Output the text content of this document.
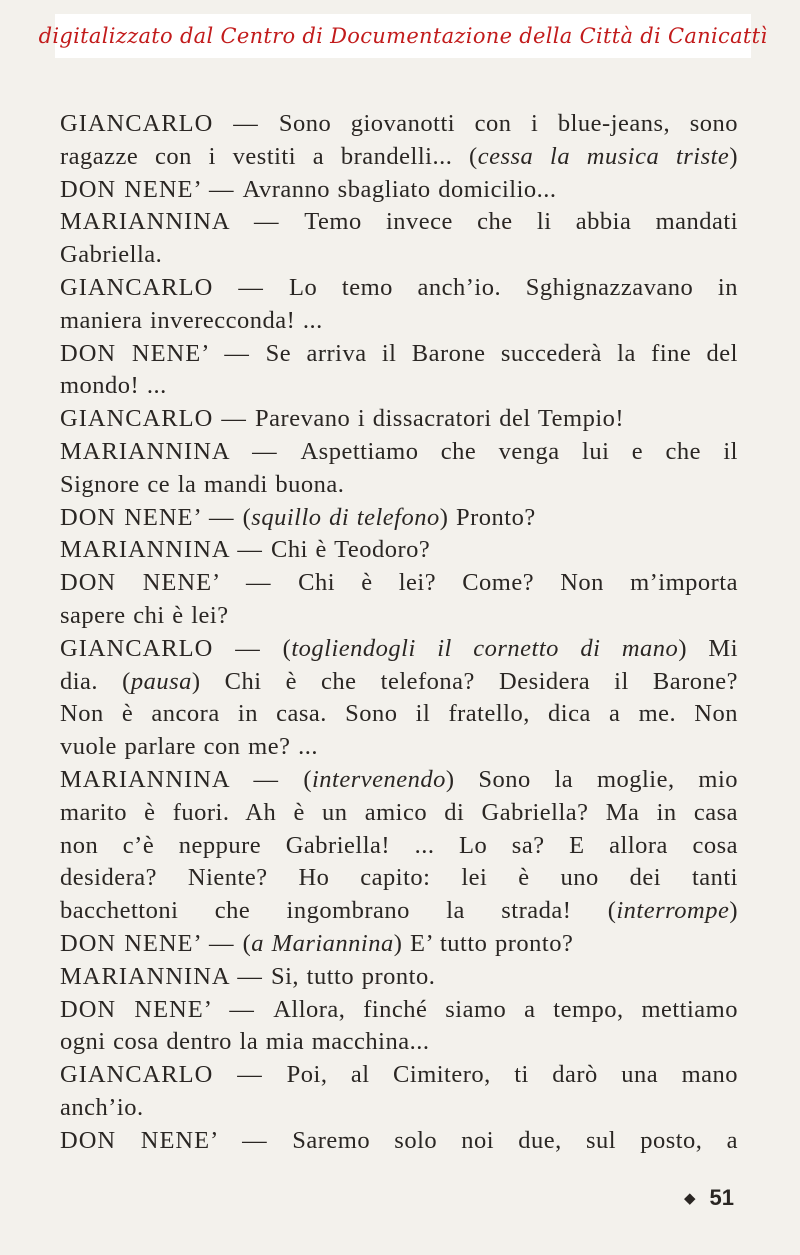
digitalizzato dal Centro di Documentazione della Città di Canicattì
GIANCARLO — Sono giovanotti con i blue-jeans, sono
ragazze con i vestiti a brandelli... (cessa la musica triste)
DON NENE’ — Avranno sbagliato domicilio...
MARIANNINA — Temo invece che li abbia mandati
Gabriella.
GIANCARLO — Lo temo anch’io. Sghignazzavano in
maniera inverecconda! ...
DON NENE’ — Se arriva il Barone succederà la fine del
mondo! ...
GIANCARLO — Parevano i dissacratori del Tempio!
MARIANNINA — Aspettiamo che venga lui e che il
Signore ce la mandi buona.
DON NENE’ — (squillo di telefono) Pronto?
MARIANNINA — Chi è Teodoro?
DON NENE’ — Chi è lei? Come? Non m’importa
sapere chi è lei?
GIANCARLO — (togliendogli il cornetto di mano) Mi
dia. (pausa) Chi è che telefona? Desidera il Barone?
Non è ancora in casa. Sono il fratello, dica a me. Non
vuole parlare con me? ...
MARIANNINA — (intervenendo) Sono la moglie, mio
marito è fuori. Ah è un amico di Gabriella? Ma in casa
non c’è neppure Gabriella! ... Lo sa? E allora cosa
desidera? Niente? Ho capito: lei è uno dei tanti
bacchettoni che ingombrano la strada! (interrompe)
DON NENE’ — (a Mariannina) E’ tutto pronto?
MARIANNINA — Si, tutto pronto.
DON NENE’ — Allora, finché siamo a tempo, mettiamo
ogni cosa dentro la mia macchina...
GIANCARLO — Poi, al Cimitero, ti darò una mano
anch’io.
DON NENE’ — Saremo solo noi due, sul posto, a
◆ 51
